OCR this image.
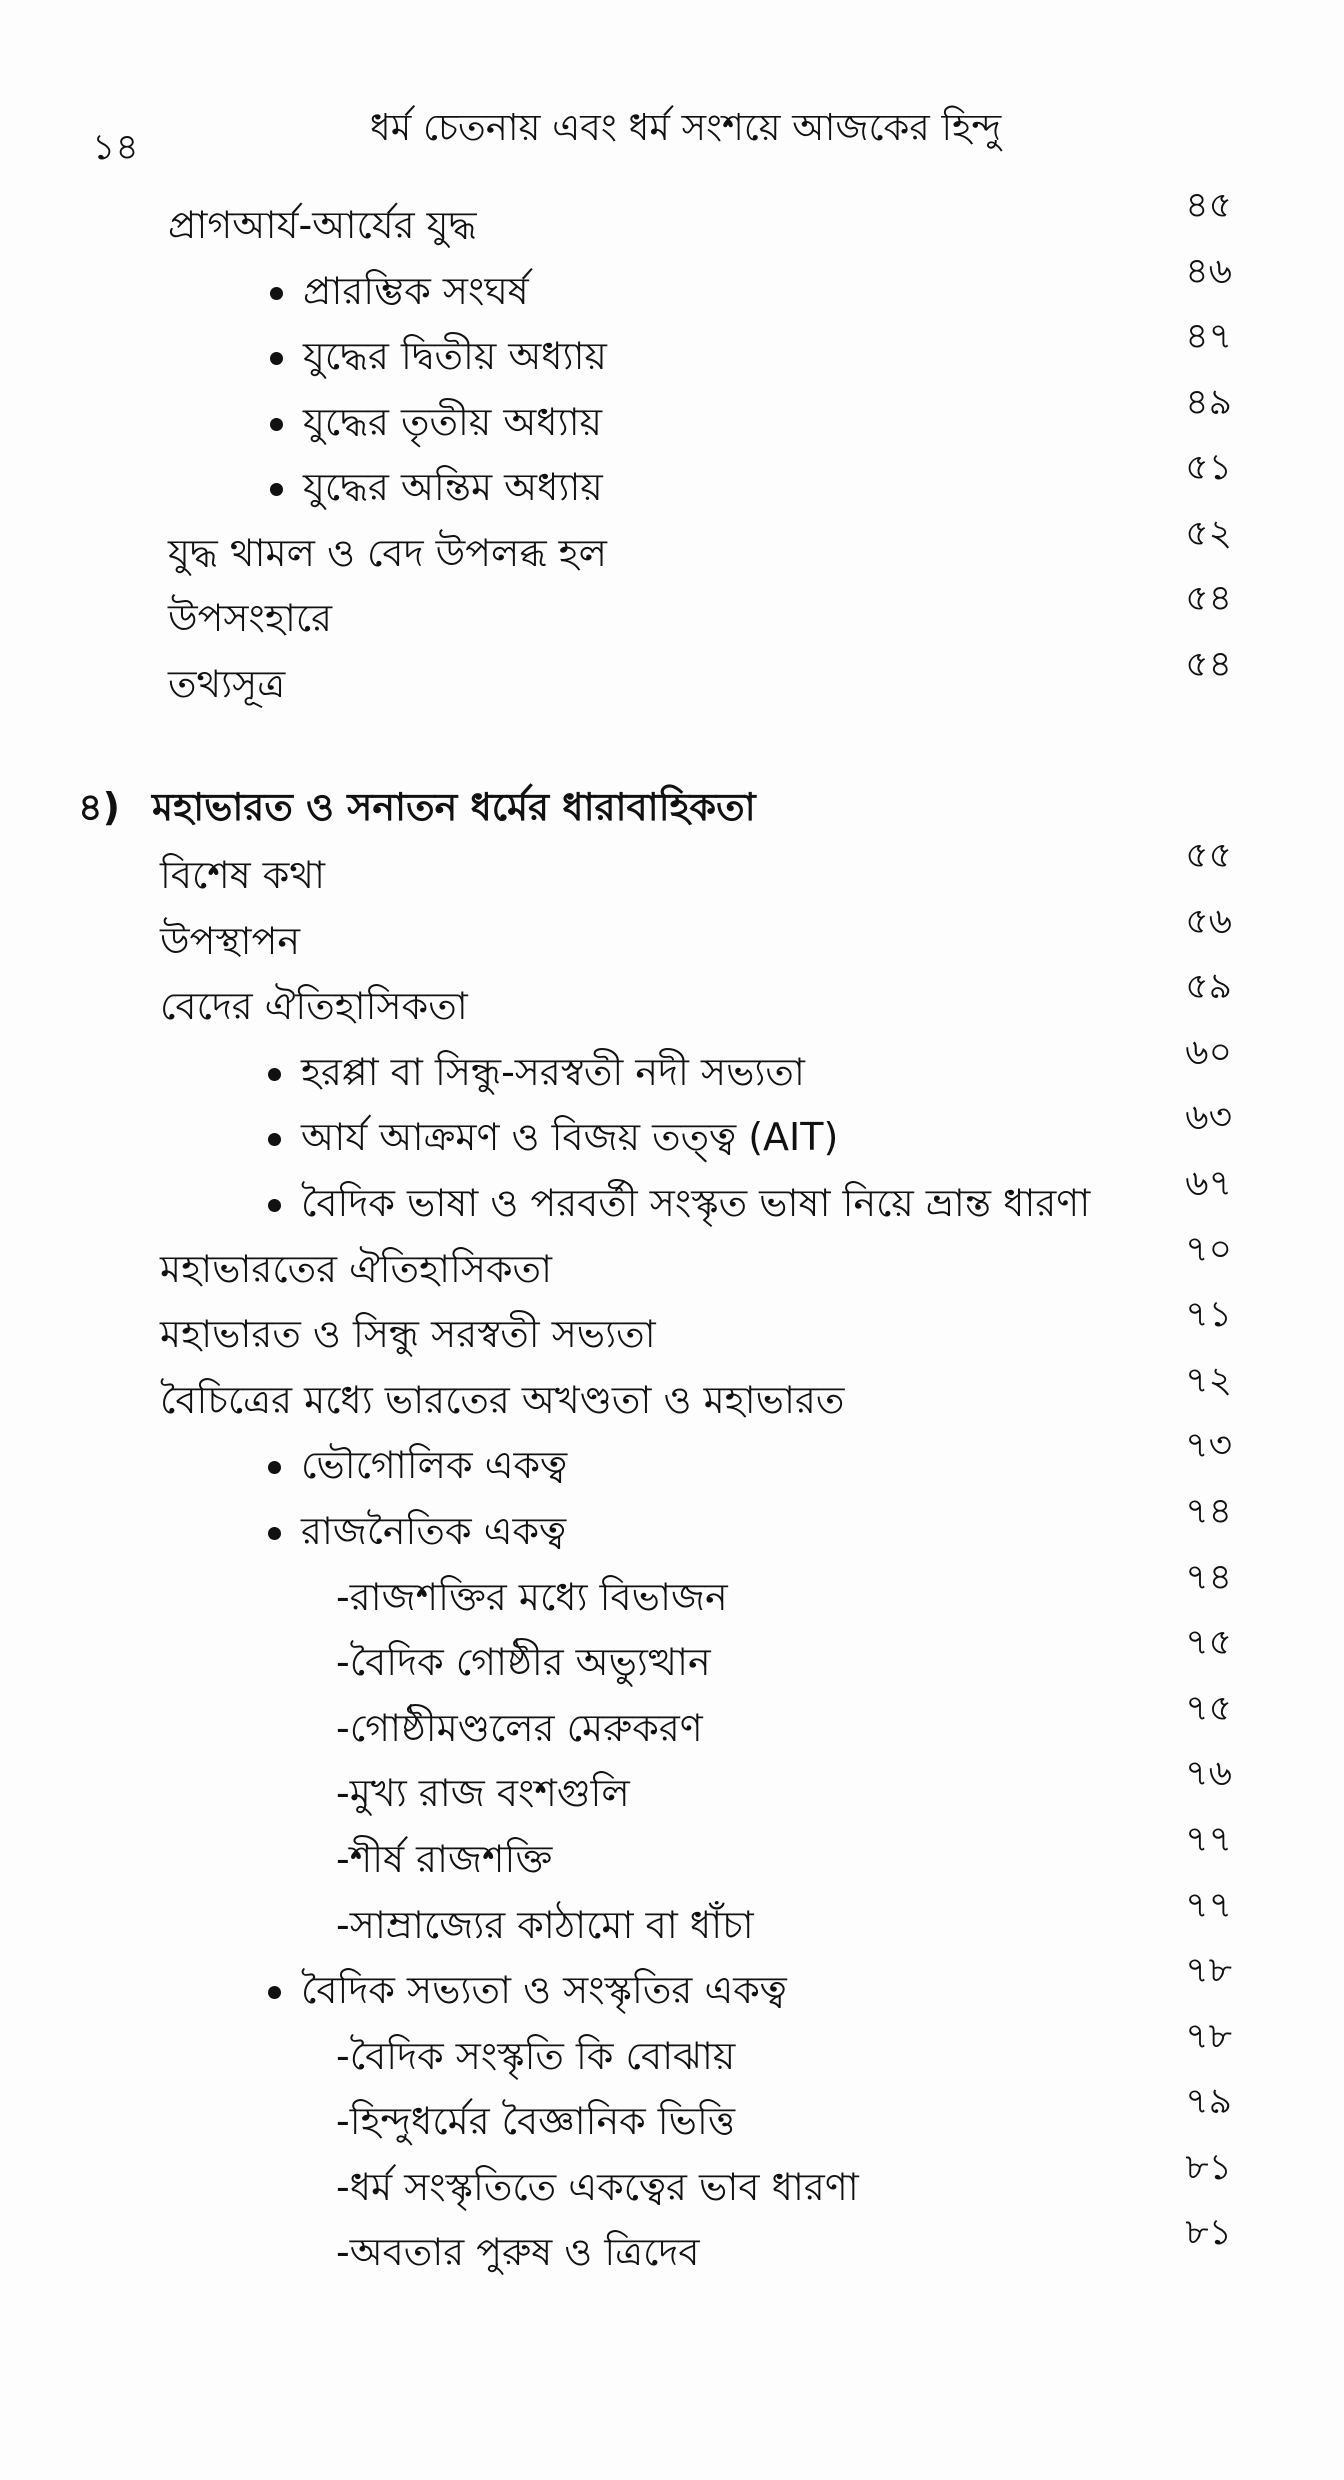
১৪	ধর্ম চেতনায় এবং ধর্ম সংশয়ে আজকের হিন্দু
প্রাগআর্য-আর্যের যুদ্ধ	৪৫
প্রারম্ভিক সংঘর্ষ	৪৬
যুদ্ধের দ্বিতীয় অধ্যায়	৪৭
যুদ্ধের তৃতীয় অধ্যায়	৪৯
যুদ্ধের অন্তিম অধ্যায়	৫১
যুদ্ধ থামল ও বেদ উপলব্ধ হল	৫২
উপসংহারে	৫৪
তথ্যসূত্র	৫৪
৪) মহাভারত ও সনাতন ধর্মের ধারাবাহিকতা
বিশেষ কথা	৫৫
উপস্থাপন	৫৬
বেদের ঐতিহাসিকতা	৫৯
হরপ্পা বা সিন্ধু-সরস্বতী নদী সভ্যতা	৬০
আর্য আক্রমণ ও বিজয় তত্ত্ব (AIT)	৬৩
বৈদিক ভাষা ও পরবর্তী সংস্কৃত ভাষা নিয়ে ভ্রান্ত ধারণা	৬৭
মহাভারতের ঐতিহাসিকতা	৭০
মহাভারত ও সিন্ধু সরস্বতী সভ্যতা	৭১
বৈচিত্রের মধ্যে ভারতের অখণ্ডতা ও মহাভারত	৭২
ভৌগোলিক একত্ব	৭৩
রাজনৈতিক একত্ব	৭৪
-রাজশক্তির মধ্যে বিভাজন	৭৪
-বৈদিক গোষ্ঠীর অভ্যুত্থান	৭৫
-গোষ্ঠীমণ্ডলের মেরুকরণ	৭৫
-মুখ্য রাজ বংশগুলি	৭৬
-শীর্ষ রাজশক্তি	৭৭
-সাম্রাজ্যের কাঠামো বা ধাঁচা	৭৭
বৈদিক সভ্যতা ও সংস্কৃতির একত্ব	৭৮
-বৈদিক সংস্কৃতি কি বোঝায়	৭৮
-হিন্দুধর্মের বৈজ্ঞানিক ভিত্তি	৭৯
-ধর্ম সংস্কৃতিতে একত্বের ভাব ধারণা	৮১
-অবতার পুরুষ ও ত্রিদেব	৮১
